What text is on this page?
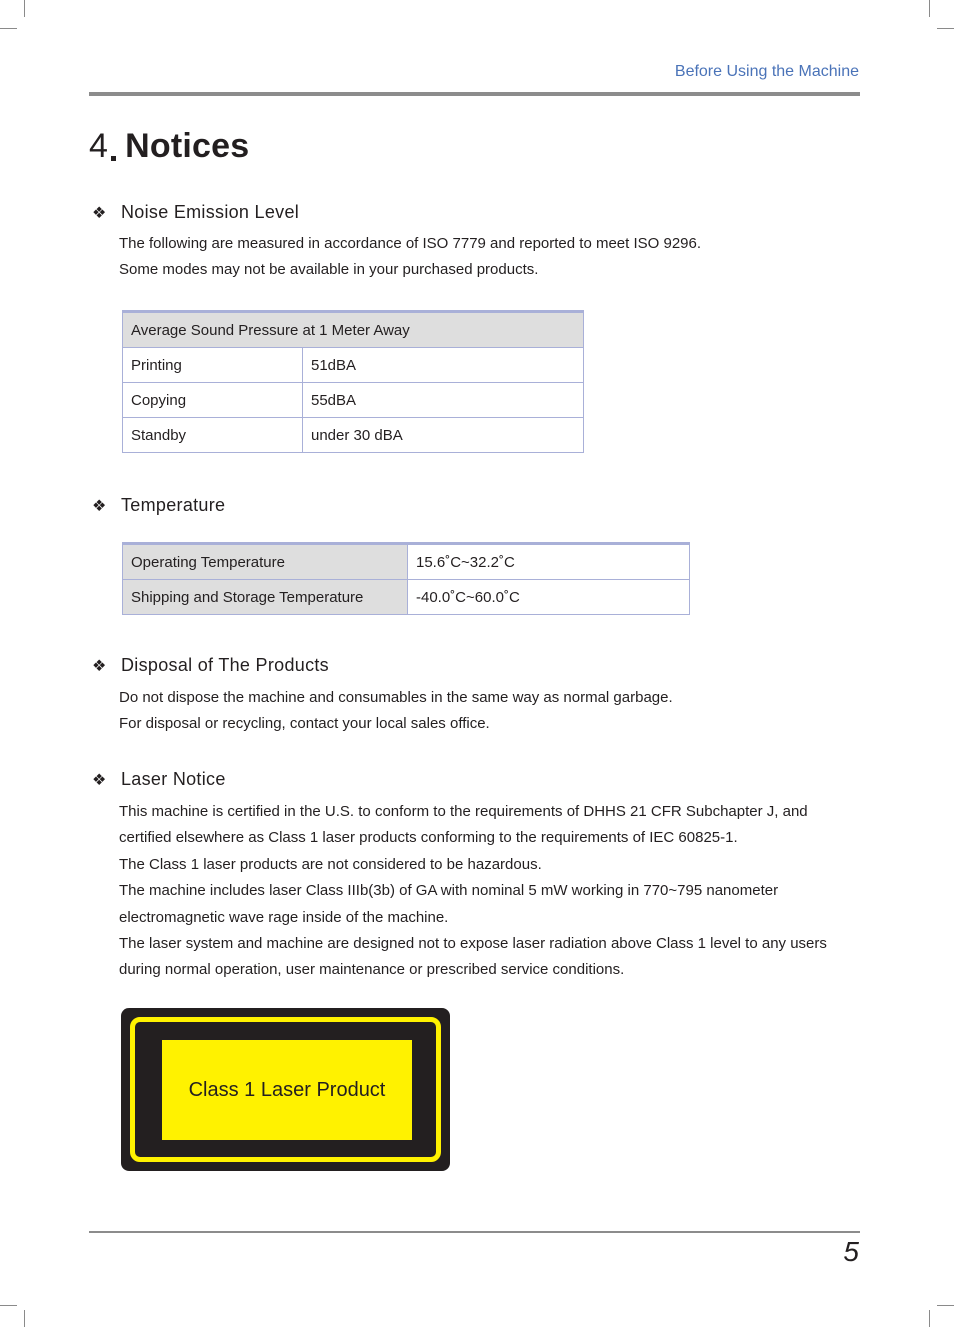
Before Using the Machine
4 Notices
❖ Noise Emission Level

The following are measured in accordance of ISO 7779 and reported to meet ISO 9296.

Some modes may not be available in your purchased products.

Average Sound Pressure at 1 Meter Away	
Printing	51dBA
Copying	55dBA
Standby	under 30 dBA
❖ Temperature
Operating Temperature	15.6˚C~32.2˚C
Shipping and Storage Temperature	-40.0˚C~60.0˚C
❖ Disposal of The Products

Do not dispose the machine and consumables in the same way as normal garbage.

For disposal or recycling, contact your local sales office.

❖ Laser Notice

This machine is certified in the U.S. to conform to the requirements of DHHS 21 CFR Subchapter J, and certified elsewhere as Class 1 laser products conforming to the requirements of IEC 60825-1.

The Class 1 laser products are not considered to be hazardous.

The machine includes laser Class IIIb(3b) of GA with nominal 5 mW working in 770~795 nanometer electromagnetic wave rage inside of the machine.

The laser system and machine are designed not to expose laser radiation above Class 1 level to any users during normal operation, user maintenance or prescribed service conditions.

Class 1 Laser Product
5
